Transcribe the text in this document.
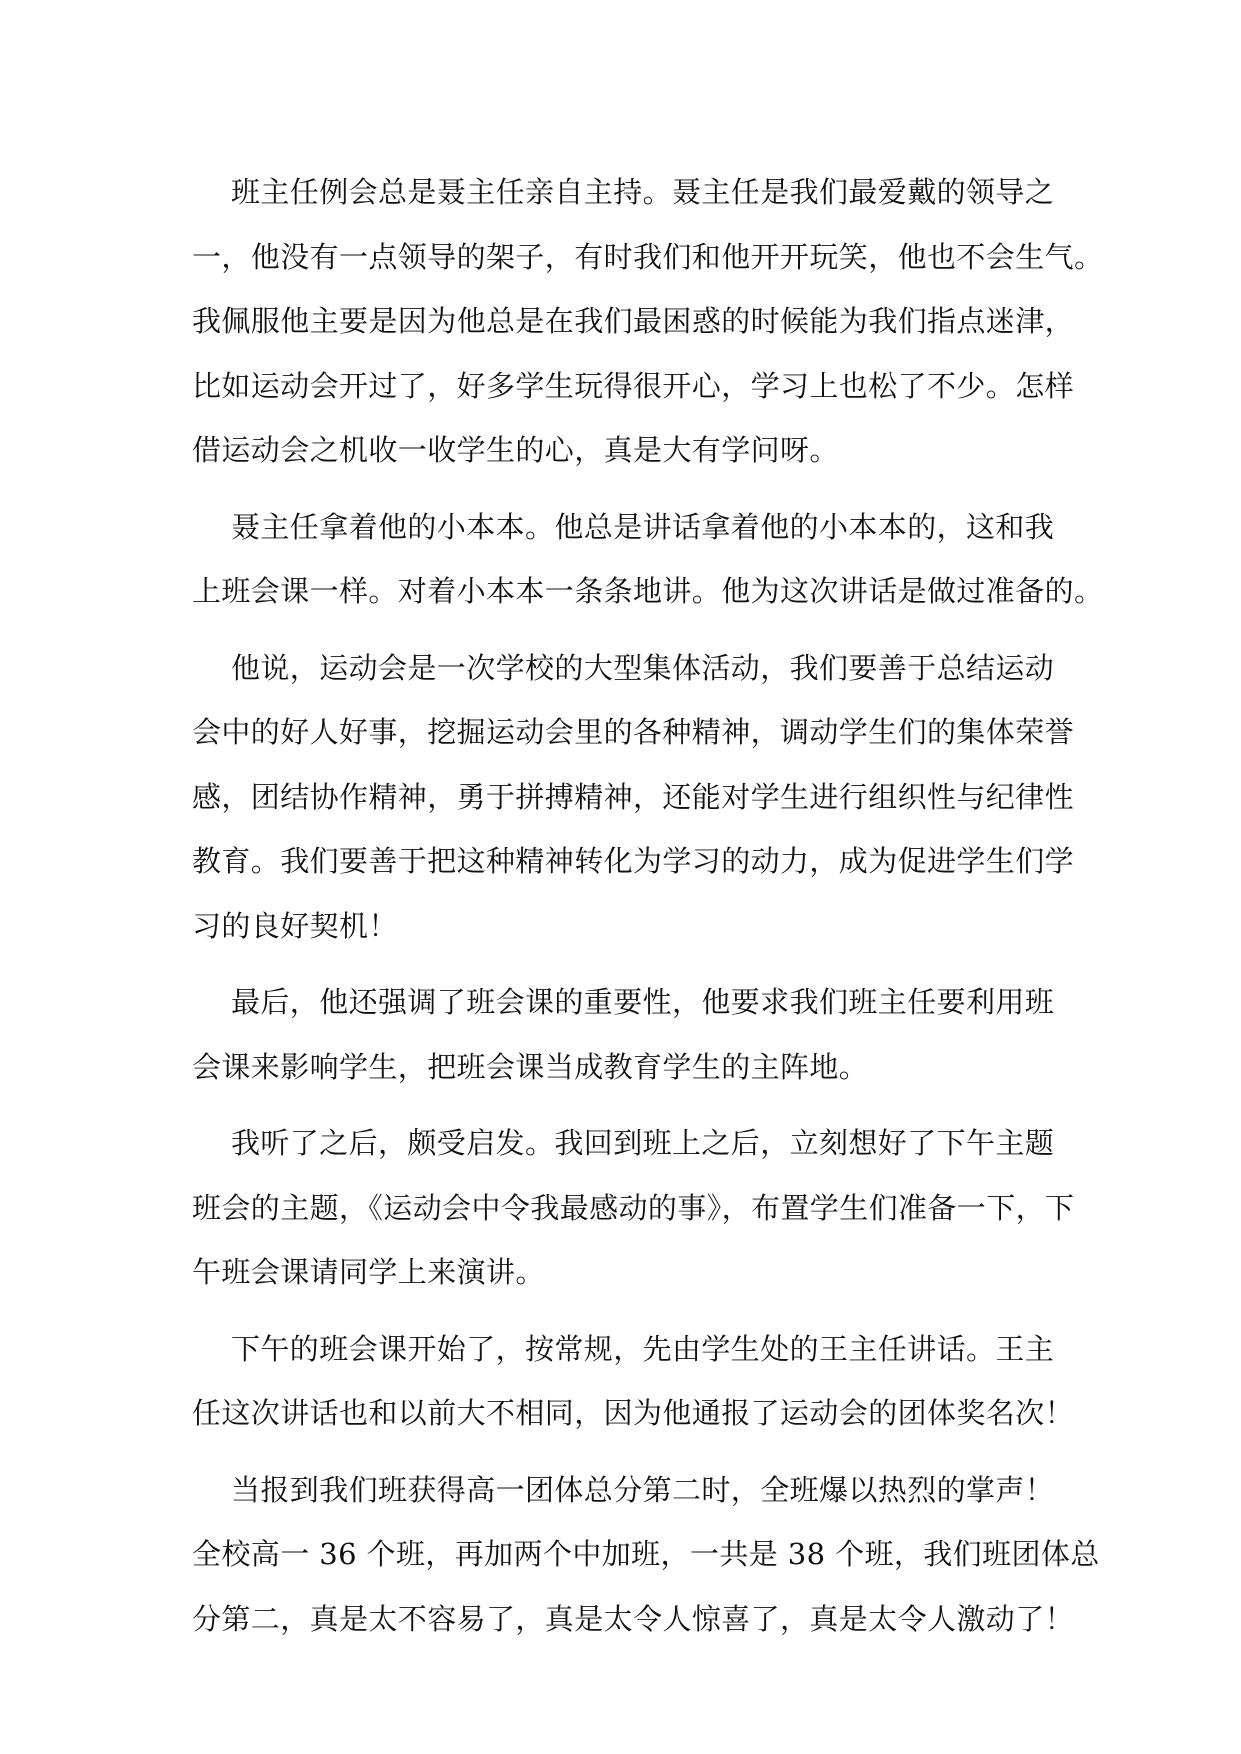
班主任例会总是聂主任亲自主持。聂主任是我们最爱戴的领导之
一，他没有一点领导的架子，有时我们和他开开玩笑，他也不会生气。
我佩服他主要是因为他总是在我们最困惑的时候能为我们指点迷津，
比如运动会开过了，好多学生玩得很开心，学习上也松了不少。怎样
借运动会之机收一收学生的心，真是大有学问呀。
聂主任拿着他的小本本。他总是讲话拿着他的小本本的，这和我
上班会课一样。对着小本本一条条地讲。他为这次讲话是做过准备的。
他说，运动会是一次学校的大型集体活动，我们要善于总结运动
会中的好人好事，挖掘运动会里的各种精神，调动学生们的集体荣誉
感，团结协作精神，勇于拼搏精神，还能对学生进行组织性与纪律性
教育。我们要善于把这种精神转化为学习的动力，成为促进学生们学
习的良好契机！
最后，他还强调了班会课的重要性，他要求我们班主任要利用班
会课来影响学生，把班会课当成教育学生的主阵地。
我听了之后，颇受启发。我回到班上之后，立刻想好了下午主题
班会的主题，《运动会中令我最感动的事》，布置学生们准备一下，下
午班会课请同学上来演讲。
下午的班会课开始了，按常规，先由学生处的王主任讲话。王主
任这次讲话也和以前大不相同，因为他通报了运动会的团体奖名次！
当报到我们班获得高一团体总分第二时，全班爆以热烈的掌声！
全校高一 36 个班，再加两个中加班，一共是 38 个班，我们班团体总
分第二，真是太不容易了，真是太令人惊喜了，真是太令人激动了！
